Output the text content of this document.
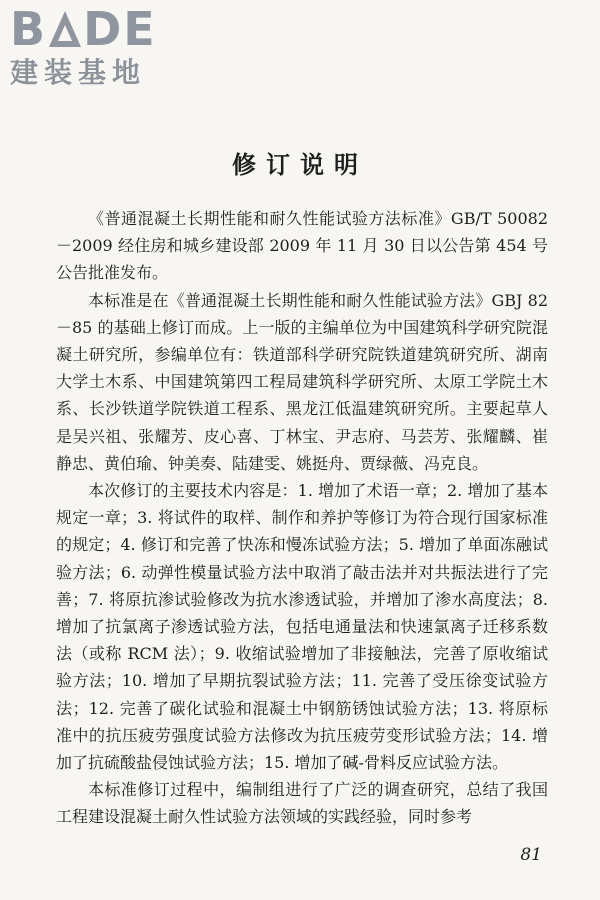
B DE
建装基地
修订说明

《普通混凝土长期性能和耐久性能试验方法标准》GB/T 50082－2009 经住房和城乡建设部 2009 年 11 月 30 日以公告第 454 号公告批准发布。

本标准是在《普通混凝土长期性能和耐久性能试验方法》GBJ 82－85 的基础上修订而成。上一版的主编单位为中国建筑科学研究院混凝土研究所，参编单位有：铁道部科学研究院铁道建筑研究所、湖南大学土木系、中国建筑第四工程局建筑科学研究所、太原工学院土木系、长沙铁道学院铁道工程系、黑龙江低温建筑研究所。主要起草人是吴兴祖、张耀芳、皮心喜、丁林宝、尹志府、马芸芳、张耀麟、崔静忠、黄伯瑜、钟美奏、陆建雯、姚挺舟、贾绿薇、冯克良。

本次修订的主要技术内容是：1. 增加了术语一章；2. 增加了基本规定一章；3. 将试件的取样、制作和养护等修订为符合现行国家标准的规定；4. 修订和完善了快冻和慢冻试验方法；5. 增加了单面冻融试验方法；6. 动弹性模量试验方法中取消了敲击法并对共振法进行了完善；7. 将原抗渗试验修改为抗水渗透试验，并增加了渗水高度法；8. 增加了抗氯离子渗透试验方法，包括电通量法和快速氯离子迁移系数法（或称 RCM 法）；9. 收缩试验增加了非接触法，完善了原收缩试验方法；10. 增加了早期抗裂试验方法；11. 完善了受压徐变试验方法；12. 完善了碳化试验和混凝土中钢筋锈蚀试验方法；13. 将原标准中的抗压疲劳强度试验方法修改为抗压疲劳变形试验方法；14. 增加了抗硫酸盐侵蚀试验方法；15. 增加了碱-骨料反应试验方法。

本标准修订过程中，编制组进行了广泛的调查研究，总结了我国工程建设混凝土耐久性试验方法领域的实践经验，同时参考

81
